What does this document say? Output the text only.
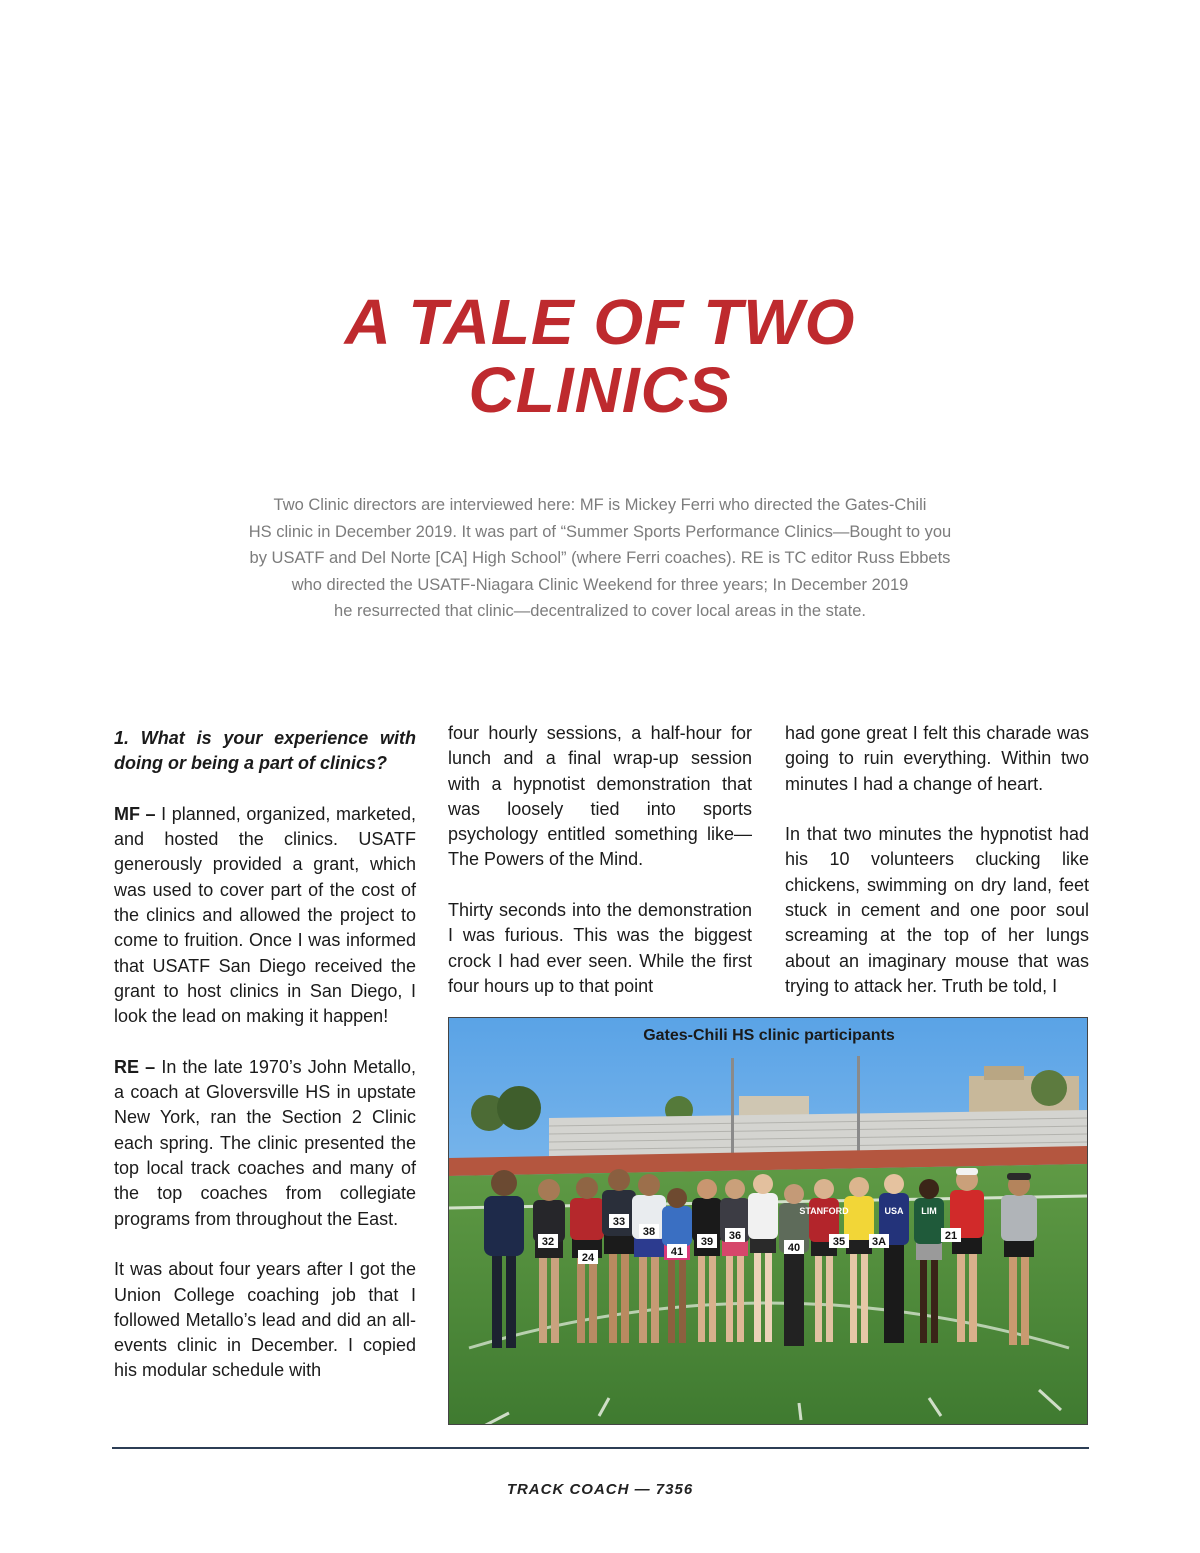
A TALE OF TWO
CLINICS
Two Clinic directors are interviewed here: MF is Mickey Ferri who directed the Gates-Chili
HS clinic in December 2019. It was part of “Summer Sports Performance Clinics—Bought to you
by USATF and Del Norte [CA] High School” (where Ferri coaches). RE is TC editor Russ Ebbets
who directed the USATF-Niagara Clinic Weekend for three years; In December 2019
he resurrected that clinic—decentralized to cover local areas in the state.

1. What is your experience with doing or being a part of clinics?

MF – I planned, organized, marketed, and hosted the clinics. USATF generously provided a grant, which was used to cover part of the cost of the clinics and allowed the project to come to fruition. Once I was informed that USATF San Diego received the grant to host clinics in San Diego, I look the lead on making it happen!

RE – In the late 1970’s John Metallo, a coach at Gloversville HS in upstate New York, ran the Section 2 Clinic each spring. The clinic presented the top local track coaches and many of the top coaches from collegiate programs from throughout the East.

It was about four years after I got the Union College coaching job that I followed Metallo’s lead and did an all-events clinic in December. I copied his modular schedule with

four hourly sessions, a half-hour for lunch and a final wrap-up session with a hypnotist demonstration that was loosely tied into sports psychology entitled something like—The Powers of the Mind.

Thirty seconds into the demonstration I was furious. This was the biggest crock I had ever seen. While the first four hours up to that point

had gone great I felt this charade was going to ruin everything. Within two minutes I had a change of heart.

In that two minutes the hypnotist had his 10 volunteers clucking like chickens, swimming on dry land, feet stuck in cement and one poor soul screaming at the top of her lungs about an imaginary mouse that was trying to attack her. Truth be told, I

32
24
33
38
41
39 36
40	35 3A	21
STANFORD	USA LIM
Gates-Chili HS clinic participants
TRACK COACH — 7356
